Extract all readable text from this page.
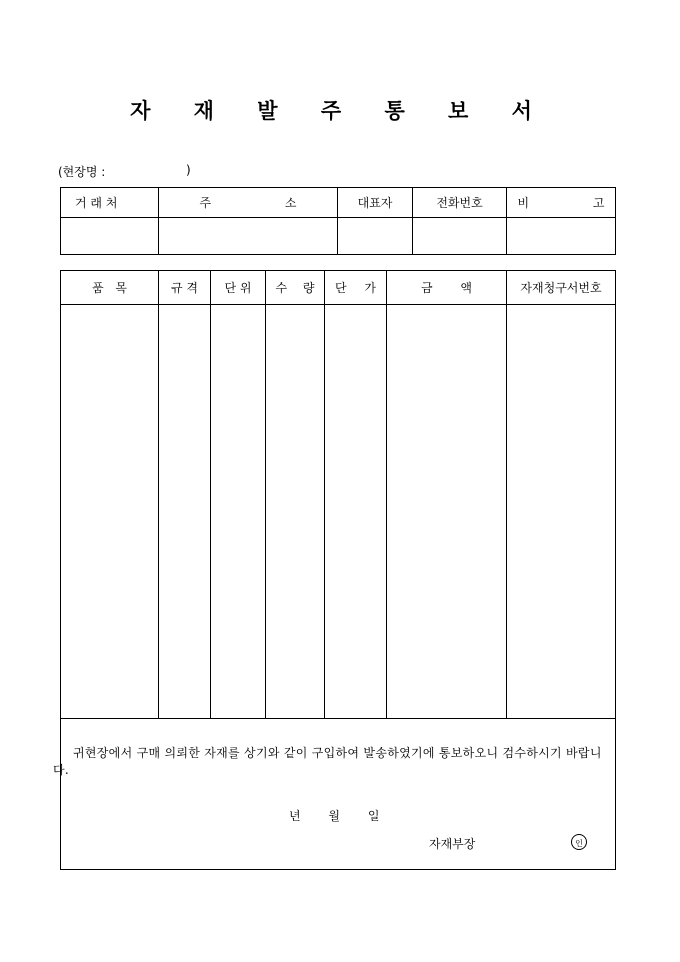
자 재 발 주 통 보 서
(현장명 :	)
거 래 처	주 소	대표자	전화번호	비 고

품 목	규 격	단 위	수 량	단 가	금 액	자재청구서번호

귀현장에서 구매 의뢰한 자재를 상기와 같이 구입하여 발송하였기에 통보하오니 검수하시기 바랍니다.
년 월 일
자재부장 인						
